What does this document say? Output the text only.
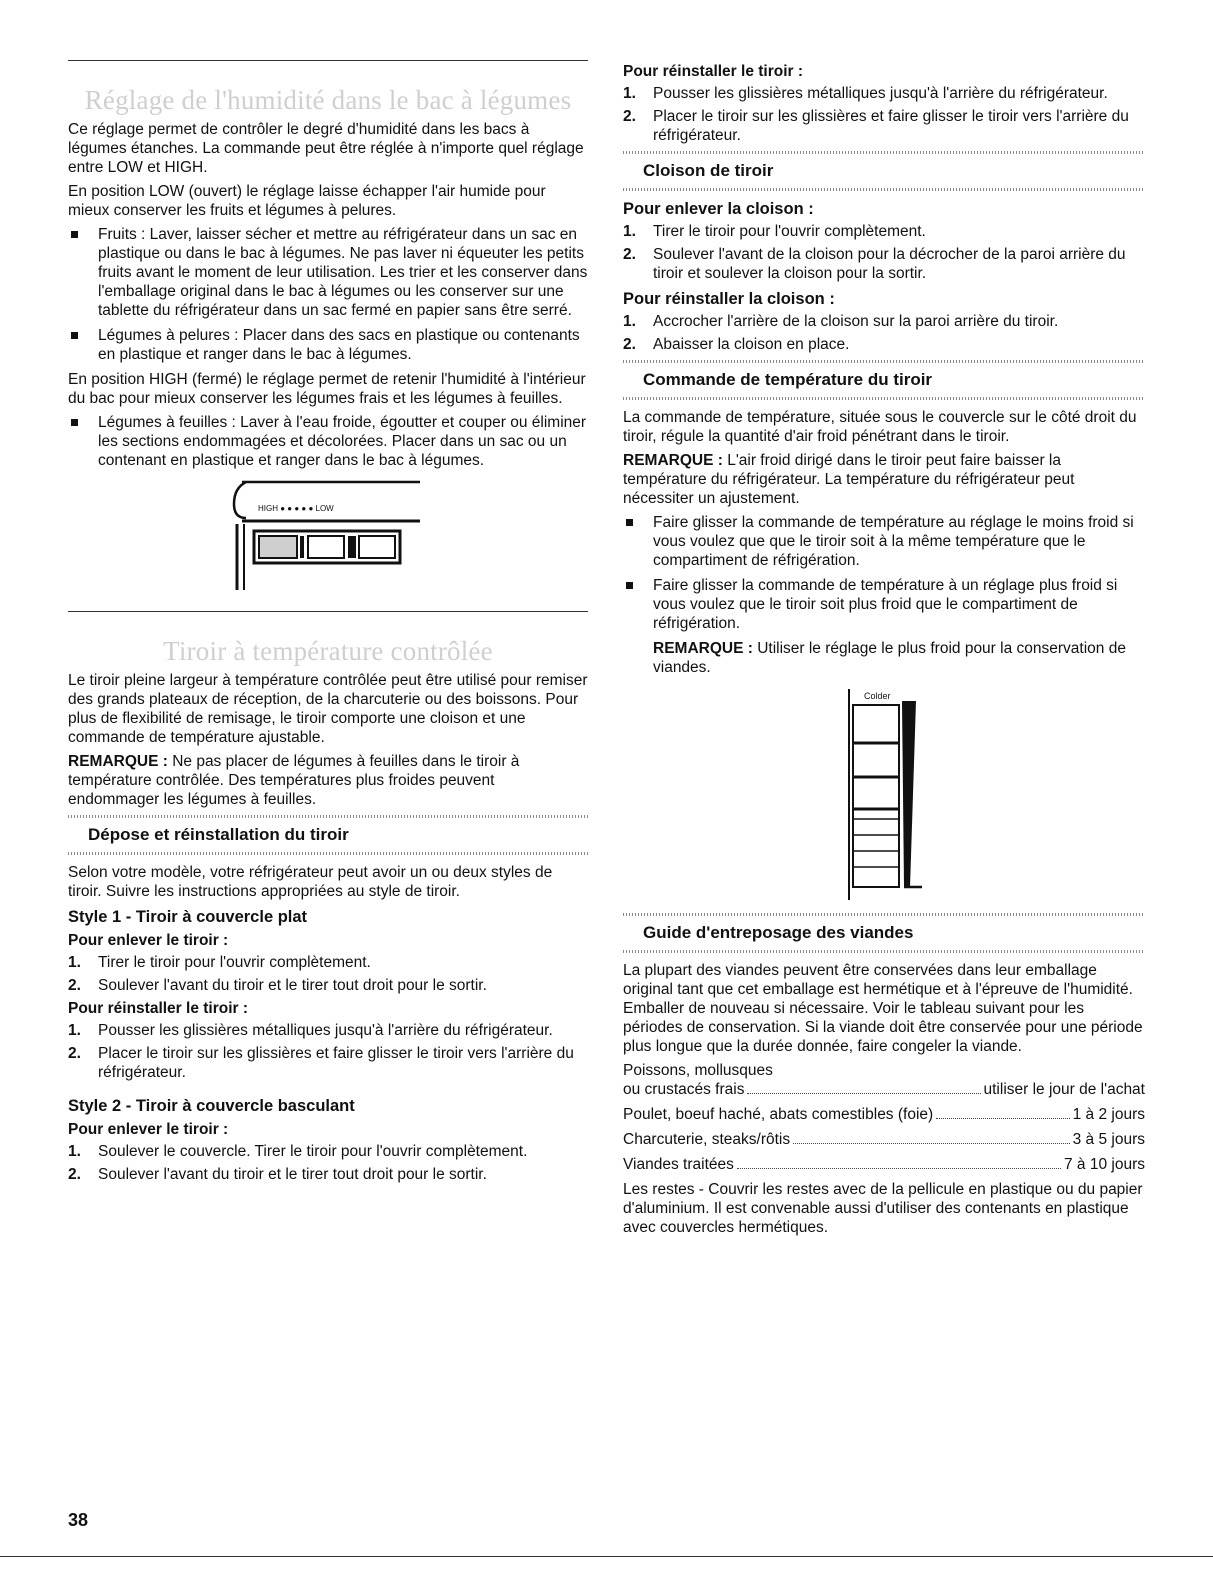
Réglage de l'humidité dans le bac à légumes

Ce réglage permet de contrôler le degré d'humidité dans les bacs à légumes étanches. La commande peut être réglée à n'importe quel réglage entre LOW et HIGH.

En position LOW (ouvert) le réglage laisse échapper l'air humide pour mieux conserver les fruits et légumes à pelures.

Fruits : Laver, laisser sécher et mettre au réfrigérateur dans un sac en plastique ou dans le bac à légumes. Ne pas laver ni équeuter les petits fruits avant le moment de leur utilisation. Les trier et les conserver dans l'emballage original dans le bac à légumes ou les conserver sur une tablette du réfrigérateur dans un sac fermé en papier sans être serré.
Légumes à pelures : Placer dans des sacs en plastique ou contenants en plastique et ranger dans le bac à légumes.

En position HIGH (fermé) le réglage permet de retenir l'humidité à l'intérieur du bac pour mieux conserver les légumes frais et les légumes à feuilles.

Légumes à feuilles : Laver à l'eau froide, égoutter et couper ou éliminer les sections endommagées et décolorées. Placer dans un sac ou un contenant en plastique et ranger dans le bac à légumes.
HIGH ● ● ● ● ● LOW
Tiroir à température contrôlée

Le tiroir pleine largeur à température contrôlée peut être utilisé pour remiser des grands plateaux de réception, de la charcuterie ou des boissons. Pour plus de flexibilité de remisage, le tiroir comporte une cloison et une commande de température ajustable.

REMARQUE : Ne pas placer de légumes à feuilles dans le tiroir à température contrôlée. Des températures plus froides peuvent endommager les légumes à feuilles.

Dépose et réinstallation du tiroir

Selon votre modèle, votre réfrigérateur peut avoir un ou deux styles de tiroir. Suivre les instructions appropriées au style de tiroir.

Style 1 - Tiroir à couvercle plat
Pour enlever le tiroir :
1. Tirer le tiroir pour l'ouvrir complètement.
2. Soulever l'avant du tiroir et le tirer tout droit pour le sortir.
Pour réinstaller le tiroir :
1. Pousser les glissières métalliques jusqu'à l'arrière du réfrigérateur.
2. Placer le tiroir sur les glissières et faire glisser le tiroir vers l'arrière du réfrigérateur.
Style 2 - Tiroir à couvercle basculant
Pour enlever le tiroir :
1. Soulever le couvercle. Tirer le tiroir pour l'ouvrir complètement.
2. Soulever l'avant du tiroir et le tirer tout droit pour le sortir.
Pour réinstaller le tiroir :
1. Pousser les glissières métalliques jusqu'à l'arrière du réfrigérateur.
2. Placer le tiroir sur les glissières et faire glisser le tiroir vers l'arrière du réfrigérateur.
Cloison de tiroir
Pour enlever la cloison :
1. Tirer le tiroir pour l'ouvrir complètement.
2. Soulever l'avant de la cloison pour la décrocher de la paroi arrière du tiroir et soulever la cloison pour la sortir.
Pour réinstaller la cloison :
1. Accrocher l'arrière de la cloison sur la paroi arrière du tiroir.
2. Abaisser la cloison en place.
Commande de température du tiroir

La commande de température, située sous le couvercle sur le côté droit du tiroir, régule la quantité d'air froid pénétrant dans le tiroir.

REMARQUE : L'air froid dirigé dans le tiroir peut faire baisser la température du réfrigérateur. La température du réfrigérateur peut nécessiter un ajustement.

Faire glisser la commande de température au réglage le moins froid si vous voulez que que le tiroir soit à la même température que le compartiment de réfrigération.
Faire glisser la commande de température à un réglage plus froid si vous voulez que le tiroir soit plus froid que le compartiment de réfrigération.

REMARQUE : Utiliser le réglage le plus froid pour la conservation de viandes.

Colder
Guide d'entreposage des viandes

La plupart des viandes peuvent être conservées dans leur emballage original tant que cet emballage est hermétique et à l'épreuve de l'humidité. Emballer de nouveau si nécessaire. Voir le tableau suivant pour les périodes de conservation. Si la viande doit être conservée pour une période plus longue que la durée donnée, faire congeler la viande.

Poissons, mollusques
ou crustacés frais	utiliser le jour de l'achat
Poulet, boeuf haché, abats comestibles (foie)	1 à 2 jours
Charcuterie, steaks/rôtis	3 à 5 jours
Viandes traitées	7 à 10 jours

Les restes - Couvrir les restes avec de la pellicule en plastique ou du papier d'aluminium. Il est convenable aussi d'utiliser des contenants en plastique avec couvercles hermétiques.

38
